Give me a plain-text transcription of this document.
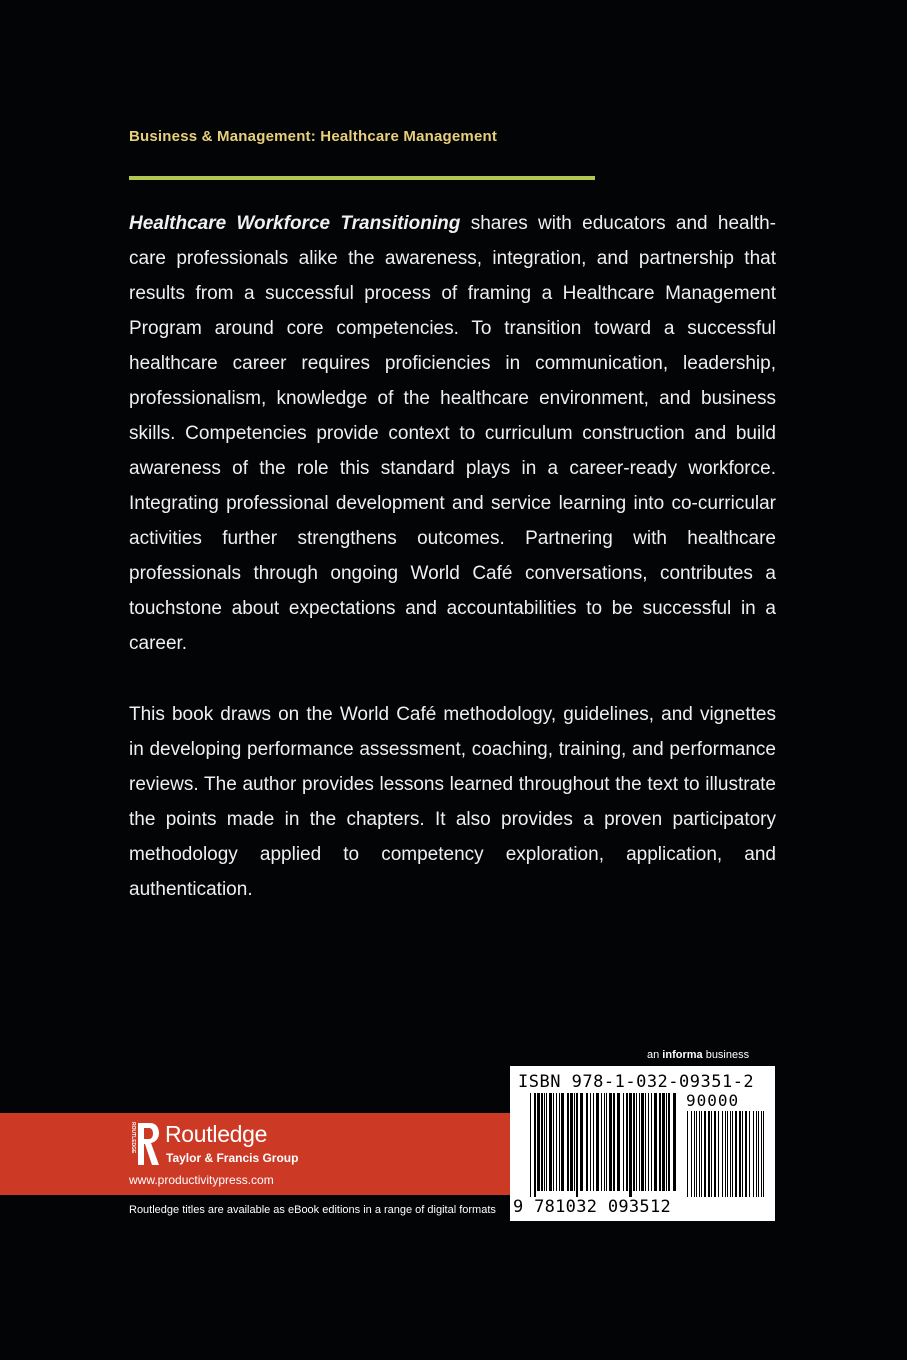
Business & Management: Healthcare Management

Healthcare Workforce Transitioning shares with educators and health-care professionals alike the awareness, integration, and partnership that results from a successful process of framing a Healthcare Management Program around core competencies. To transition toward a successful healthcare career requires proficiencies in communication, leadership, professionalism, knowledge of the healthcare environment, and business skills. Competencies provide context to curriculum construction and build awareness of the role this standard plays in a career-ready workforce. Integrating professional development and service learning into co-curricular activities further strengthens outcomes. Partnering with healthcare professionals through ongoing World Café conversations, contributes a touchstone about expectations and accountabilities to be successful in a career.

This book draws on the World Café methodology, guidelines, and vignettes in developing performance assessment, coaching, training, and performance reviews. The author provides lessons learned throughout the text to illustrate the points made in the chapters. It also provides a proven participatory methodology applied to competency exploration, application, and authentication.

an informa business
ROUTLEDGE Routledge
Taylor & Francis Group
www.productivitypress.com
Routledge titles are available as eBook editions in a range of digital formats
ISBN 978-1-032-09351-2
90000
9 781032 093512
